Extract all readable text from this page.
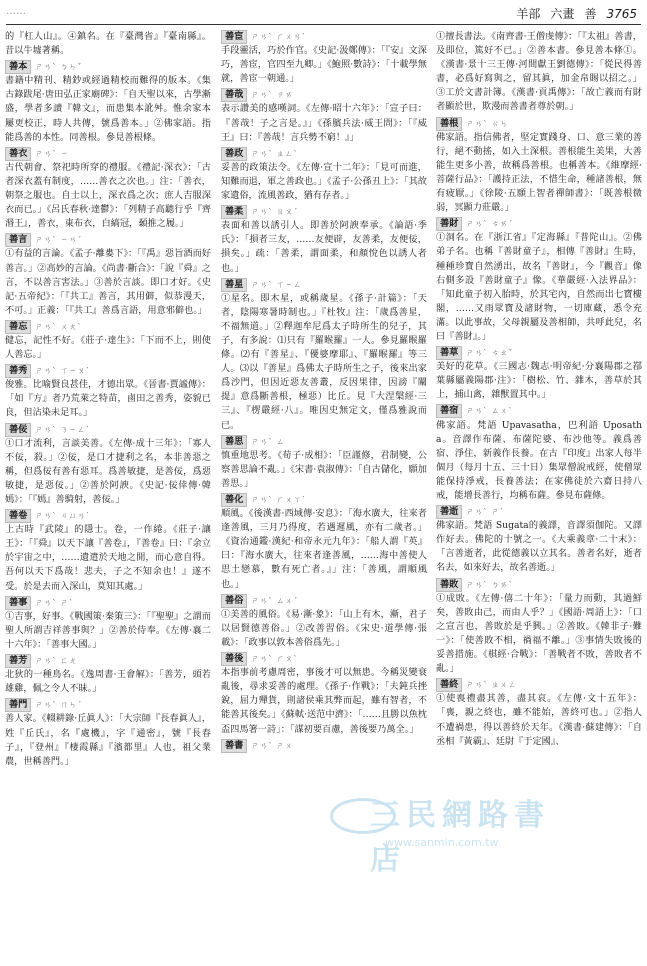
……	羊部 六畫 善 3765
的『杠人山』。④鎮名。在『臺灣省』『臺南縣』。昔以牛墟著稱。
善本 ㄕㄢˋ ㄅㄣˇ
書籍中精刊、精鈔或經過精校而難得的版本。《集古錄跋尾·唐田弘正家廟碑》：「自天聖以來，古學漸盛，學者多讀『韓文』，而患集本訛舛。惟余家本屢更校正，時人共傳，號爲善本。」②佛家語。指能爲善的本性。同善根。參見善根條。
善衣 ㄕㄢˋ ㄧ
古代朝會、祭祀時所穿的禮服。《禮記·深衣》：「古者深衣蓋有制度，……善衣之次也。」注：「善衣，朝祭之服也。自士以上，深衣爲之次；庶人吉服深衣而已。」《呂氏春秋·達鬱》：「列精子高聽行乎『齊湣王』，善衣，東布衣，白縞冠，顙推之履。」
善言 ㄕㄢˋ ㄧㄢˊ
①有益的言論。《孟子·離婁下》：「『禹』惡旨酒而好善言。」②高妙的言論。《尚書·斷合》：「說『舜』之言，不以善言害法。」③善於言談。即口才好。《史記·五帝紀》：「『共工』善言，其用僻，似恭漫天，不可。」正義：「『共工』善爲言語，用意邪僻也。」
善忘 ㄕㄢˋ ㄨㄤˋ
健忘，記性不好。《莊子·達生》：「下而不上，則使人善忘。」
善秀 ㄕㄢˋ ㄒㄧㄡˋ
俊雅。比喻賢良甚佳，才德出眾。《晉書·賈謐傳》：「如『方』者乃荒萊之特苗，鹵田之善秀，姿貌已良，但沾染未足耳。」
善佞 ㄕㄢˋ ㄋㄧㄥˋ
①口才流利，言談美善。《左傳·成十三年》：「寡人不佞，殺。」②佞，是口才捷利之名，本非善惡之稱，但爲佞有善有惡耳。爲善敏捷，是善佞，爲惡敏捷，是惡佞。」②善於阿諛。《史記·佞倖傳·韓嫣》：「『嫣』善騎射，善佞。」
善卷 ㄕㄢˋ ㄐㄩㄢˋ
上古時『武陵』的隱士。卷，一作綣。《莊子·讓王》：「『舜』以天下讓『善卷』，『善卷』曰：『余立於宇宙之中，……遺遣於天地之閒，而心意自得。吾何以天下爲哉！悲夫，子之不知余也！』遂不受。於是去而入深山，莫知其處。」
善事 ㄕㄢˋ ㄕˋ
①吉事，好事。《戰國策·秦策三》：「『聖聖』之謂而聖人所謂吉祥善事與？」②善於侍奉。《左傳·襄二十六年》：「善事大國。」
善芳 ㄕㄢˋ ㄈㄤ
北狄的一種鳥名。《逸周書·王會解》：「善芳，頭若雄雞，佩之令人不昧。」
善門 ㄕㄢˋ ㄇㄣˊ
善人家。《輟耕錄·丘眞人》：「大宗師『長春眞人』，姓『丘氏』，名『處機』，字『通密』，號『長春子』，『登州』『棲霞縣』『濱都里』人也，祖父業農，世稱善門。」
善宦 ㄕㄢˋ ㄏㄨㄢˋ
手段靈活，巧於作官。《史記·汲鄭傳》：「『安』文深巧，善宦，官四至九卿。」《鮑照·數詩》：「十載學無就，善宦一朝通。」
善哉 ㄕㄢˋ ㄗㄞ
表示讚美的感嘆詞。《左傳·昭十六年》：「宣子曰：『善哉！子之言是。』」《孫臏兵法·威王問》：「『威王』曰：『善哉！言兵勢不窮！』」
善政 ㄕㄢˋ ㄓㄥˋ
妥善的政策法令。《左傳·宣十二年》：「見可而進，知難而退，軍之善政也。」《孟子·公孫丑上》：「其故家遺俗，流風善政，猶有存者。」
善柔 ㄕㄢˋ ㄖㄡˊ
表面和善以誘引人。即善於阿諛奉承。《論語·季氏》：「損者三友，……友便辟，友善柔，友便佞，損矣。」疏：「善柔，謂面柔，和顏悅色以誘人者也。」
善星 ㄕㄢˋ ㄒㄧㄥ
①星名。即木星，或稱歲星。《孫子·計篇》：「天者，陰陽寒暑時制也。」『杜牧』注：「歲爲善星，不福無道。」②釋迦牟尼爲太子時所生的兒子，其子，有多說：⑴只有『羅睺羅』一人。參見羅睺羅條。⑵有『善星』、『優婆摩耶』、『羅睺羅』等三人。⑶以『善星』爲佛太子時所生之子，後來出家爲沙門，但因近惡友善叢，反因果律，因謗『闡提』意爲斷善根，極惡）比丘。見『大涅槃經·三三』、『楞嚴經·八』。唯因史無定文，僅爲雅說而已。
善思 ㄕㄢˋ ㄙ
慎重地思考。《荀子·成相》：「臣謹修，君制變，公察善思論不亂。」《宋書·袁淑傳》：「自古儲化，願加善思。」
善化 ㄕㄢˋ ㄏㄨㄚˋ
順風。《後漢書·西域傳·安息》：「海水廣大，往來者逢善風，三月乃得度，若遇遲風，亦有二歲者。」《資治通鑑·漢紀·和帝永元九年》：「船人謂『英』曰：『海水廣大，往來者逢善風，……海中善使人思土戀慕，數有死亡者。』」注：「善風，謂順風也。」
善俗 ㄕㄢˋ ㄙㄨˊ
①美善的風俗。《易·漸·象》：「山上有木，漸，君子以居賢德善俗。」②改善習俗。《宋史·道學傳·張載》：「政事以敦本善俗爲先。」
善後 ㄕㄢˋ ㄏㄡˋ
本指事前考慮周密，事後才可以無患。今稱災變衰亂後，尋求妥善的處理。《孫子·作戰》：「夫鈍兵挫銳，屈力殫貨，則諸侯乘其弊而起，雖有智者，不能善其後矣。」《蘇軾·送范中濟》：「……且勝以魚枕盃四馬箸一詩」：「謀初要百慮，善後要乃萬全。」
善書 ㄕㄢˋ ㄕㄨ
①擅長書法。《南齊書·王僧虔傳》：「『太祖』善書，及即位，篤好不已。」②善本書。參見善本條①。《漢書·景十三王傳·河間獻王劉德傳》：「從民得善書，必爲好寫與之，留其眞，加金帛賜以招之。」③工於文書計簿。《漢書·貢禹傳》：「故亡義而有財者顯於世，欺漫而善書者尊於朝。」
善根 ㄕㄢˋ ㄍㄣ
佛家語。指信佛者，堅定實踐身、口、意三業的善行，絕不動搖，如入土深根。善根能生美果，大善能生更多小善，故稱爲善根。也稱善本。《維摩經·菩薩行品》：「護持正法，不惜生命，種諸善根，無有疲厭。」《徐陵·五願上智者禪師書》：「既善根微弱，冥顯力莊嚴。」
善財 ㄕㄢˋ ㄘㄞˊ
①洞名。在『浙江省』『定海縣』『普陀山』。②佛弟子名。也稱『善財童子』，相傳『善財』生時，種種珍寶自然湧出，故名『善財』，今『觀音』像右側多設『善財童子』像。《華嚴經·入法界品》：「知此童子初入胎時，於其宅內，自然而出七寶樓閣，……又雨眾寶及諸財物，一切庫藏，悉令充滿。以此事故，父母親屬及善相師，共呼此兒，名曰『善財』。」
善草 ㄕㄢˋ ㄘㄠˇ
美好的花草。《三國志·魏志·明帝紀·分襄陽郡之鄀葉縣屬義陽郡·注》：「樹松、竹、雜木，善草於其上，捕山禽，雜獸置其中。」
善宿 ㄕㄢˋ ㄙㄨˋ
佛家語。梵語 Upavasatha，巴利語 Uposatha。音譯作布薩、布薩陀婆、布沙他等。義爲善宿、淨住，新義作長養。在古『印度』出家人每半個月（每月十五、三十日）集眾僧說戒經，使僧眾能保持淨戒，長養善法；在家佛徒於六齋日持八戒，能增長善行，均稱布薩。參見布薩條。
善逝 ㄕㄢˋ ㄕˋ
佛家語。梵語 Sugata的義譯，音譯須伽陀。又譯作好去。佛陀的十號之一。《大乘義章·二十末》：「言善逝者，此從德義以立其名。善者名好，逝者名去，如來好去，故名善逝。」
善敗 ㄕㄢˋ ㄅㄞˋ
①成敗。《左傳·僖二十年》：「量力而動，其過鮮矣，善敗由己，而由人乎？」《國語·周語上》：「口之宣言也，善敗於是乎興。」②善敗。《韓非子·難一》：「使善敗不相，禍福不離。」③事情失敗後的妥善措施。《棋經·合戰》：「善戰者不敗，善敗者不亂。」
善終 ㄕㄢˋ ㄓㄨㄥ
①使喪禮盡其善，盡其哀。《左傳·文十五年》：「喪，親之終也，雖不能始，善終可也。」②指人不遭禍患，得以善終於天年。《漢書·蘇建傳》：「自丞相『黃霸』、廷尉『于定國』、
三民網路書店
www.sanmin.com.tw
